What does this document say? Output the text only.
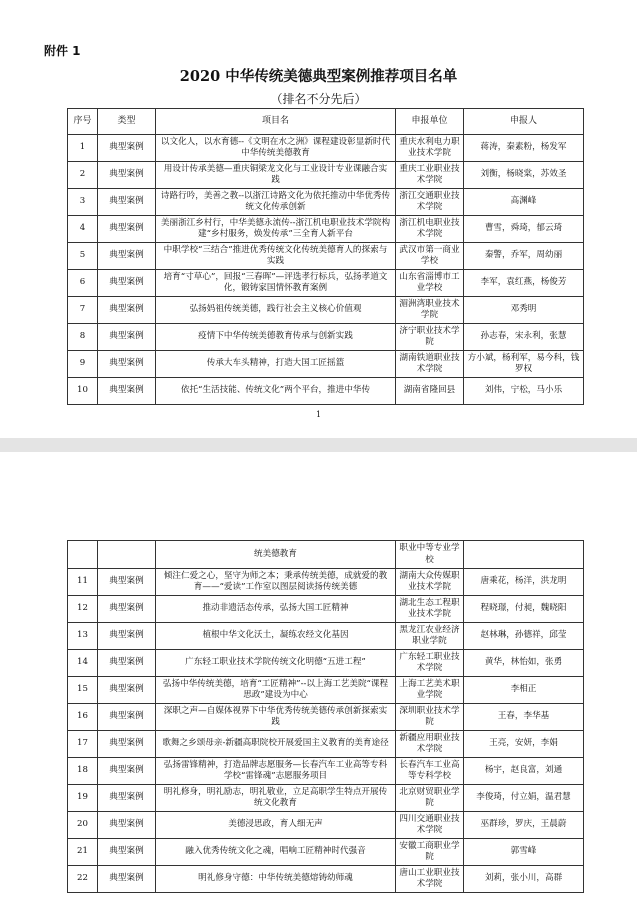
附件 1
2020 中华传统美德典型案例推荐项目名单
（排名不分先后）
序号	类型	项目名	申报单位	申报人
1	典型案例	以文化人，以水育德--《文明在水之洲》课程建设彰显新时代中华传统美德教育	重庆水利电力职业技术学院	蒋涛，秦素粉，杨发军
2	典型案例	用设计传承美德—重庆铜梁龙文化与工业设计专业课融合实践	重庆工业职业技术学院	刘衡，杨晓棠，苏效圣
3	典型案例	诗路行吟，美善之教--以浙江诗路文化为依托推动中华优秀传统文化传承创新	浙江交通职业技术学院	高渊峰
4	典型案例	美丽浙江乡村行，中华美德永流传--浙江机电职业技术学院构建“乡村服务，焕发传承”三全育人新平台	浙江机电职业技术学院	曹雪，舜琦，郁云琦
5	典型案例	中职学校“三结合”推进优秀传统文化传统美德育人的探索与实践	武汉市第一商业学校	秦警，乔军，周幼丽
6	典型案例	培育“寸草心”，回报“三春晖”—评选孝行标兵，弘扬孝道文化，锻铸家国情怀教育案例	山东省淄博市工业学校	李军，袁红燕，杨俊芳
7	典型案例	弘扬妈祖传统美德，践行社会主义核心价值观	湄洲湾职业技术学院	邓秀明
8	典型案例	疫情下中华传统美德教育传承与创新实践	济宁职业技术学院	孙志春，宋永利，张慧
9	典型案例	传承大车头精神，打造大国工匠摇篮	湖南铁道职业技术学院	方小斌，杨利军，易今科，钱罗权
10	典型案例	依托“生活技能、传统文化”两个平台，推进中华传	湖南省隆回县	刘伟，宁松，马小乐
1
		统美德教育	职业中等专业学校	
11	典型案例	倾注仁爱之心，坚守为师之本；秉承传统美德，成就爱的教育——“爱读”工作室以图层阅读扬传统美德	湖南大众传媒职业技术学院	唐乘花，杨洋，洪龙明
12	典型案例	推动非遗活态传承，弘扬大国工匠精神	湖北生态工程职业技术学院	程晓璟，付昶，魏晓阳
13	典型案例	植根中华文化沃土，凝练农经文化基因	黑龙江农业经济职业学院	赵林琳，孙德祥，邱莹
14	典型案例	广东轻工职业技术学院传统文化明德“五进工程”	广东轻工职业技术学院	黄华，林怡如，张勇
15	典型案例	弘扬中华传统美德，培育“工匠精神”--以上海工艺美院“课程思政”建设为中心	上海工艺美术职业学院	李相正
16	典型案例	深职之声—自媒体视界下中华优秀传统美德传承创新探索实践	深圳职业技术学院	王春，李华基
17	典型案例	歌舞之乡颂母亲-新疆高职院校开展爱国主义教育的美育途径	新疆应用职业技术学院	王亮，安妍，李娟
18	典型案例	弘扬雷锋精神，打造品牌志愿服务—长春汽车工业高等专科学校“雷锋魂”志愿服务项目	长春汽车工业高等专科学校	杨宇，赵良富，刘通
19	典型案例	明礼修身，明礼励志，明礼敬业，立足高职学生特点开展传统文化教育	北京财贸职业学院	李俊琦，付立娟，温君慧
20	典型案例	美德浸思政，育人细无声	四川交通职业技术学院	巫群珍，罗庆，王晨蔚
21	典型案例	融入优秀传统文化之魂，唱响工匠精神时代强音	安徽工商职业学院	郭雪峰
22	典型案例	明礼修身守德：中华传统美德熔铸幼师魂	唐山工业职业技术学院	刘莉，张小川，高群
